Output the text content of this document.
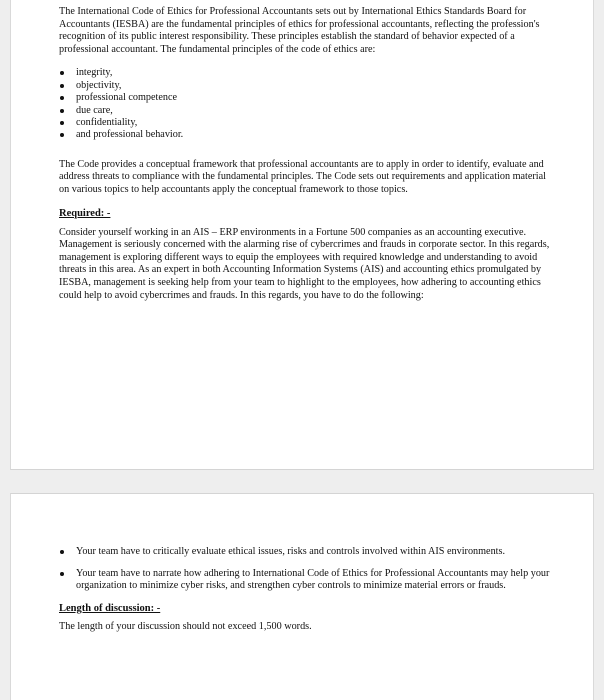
The International Code of Ethics for Professional Accountants sets out by International Ethics Standards Board for Accountants (IESBA) are the fundamental principles of ethics for professional accountants, reflecting the profession's recognition of its public interest responsibility. These principles establish the standard of behavior expected of a professional accountant. The fundamental principles of the code of ethics are:

integrity,
objectivity,
professional competence
due care,
confidentiality,
and professional behavior.

The Code provides a conceptual framework that professional accountants are to apply in order to identify, evaluate and address threats to compliance with the fundamental principles. The Code sets out requirements and application material on various topics to help accountants apply the conceptual framework to those topics.

Required: -

Consider yourself working in an AIS – ERP environments in a Fortune 500 companies as an accounting executive. Management is seriously concerned with the alarming rise of cybercrimes and frauds in corporate sector. In this regards, management is exploring different ways to equip the employees with required knowledge and understanding to avoid threats in this area. As an expert in both Accounting Information Systems (AIS) and accounting ethics promulgated by IESBA, management is seeking help from your team to highlight to the employees, how adhering to accounting ethics could help to avoid cybercrimes and frauds. In this regards, you have to do the following:

Your team have to critically evaluate ethical issues, risks and controls involved within AIS environments.
Your team have to narrate how adhering to International Code of Ethics for Professional Accountants may help your organization to minimize cyber risks, and strengthen cyber controls to minimize material errors or frauds.

Length of discussion: -

The length of your discussion should not exceed 1,500 words.
